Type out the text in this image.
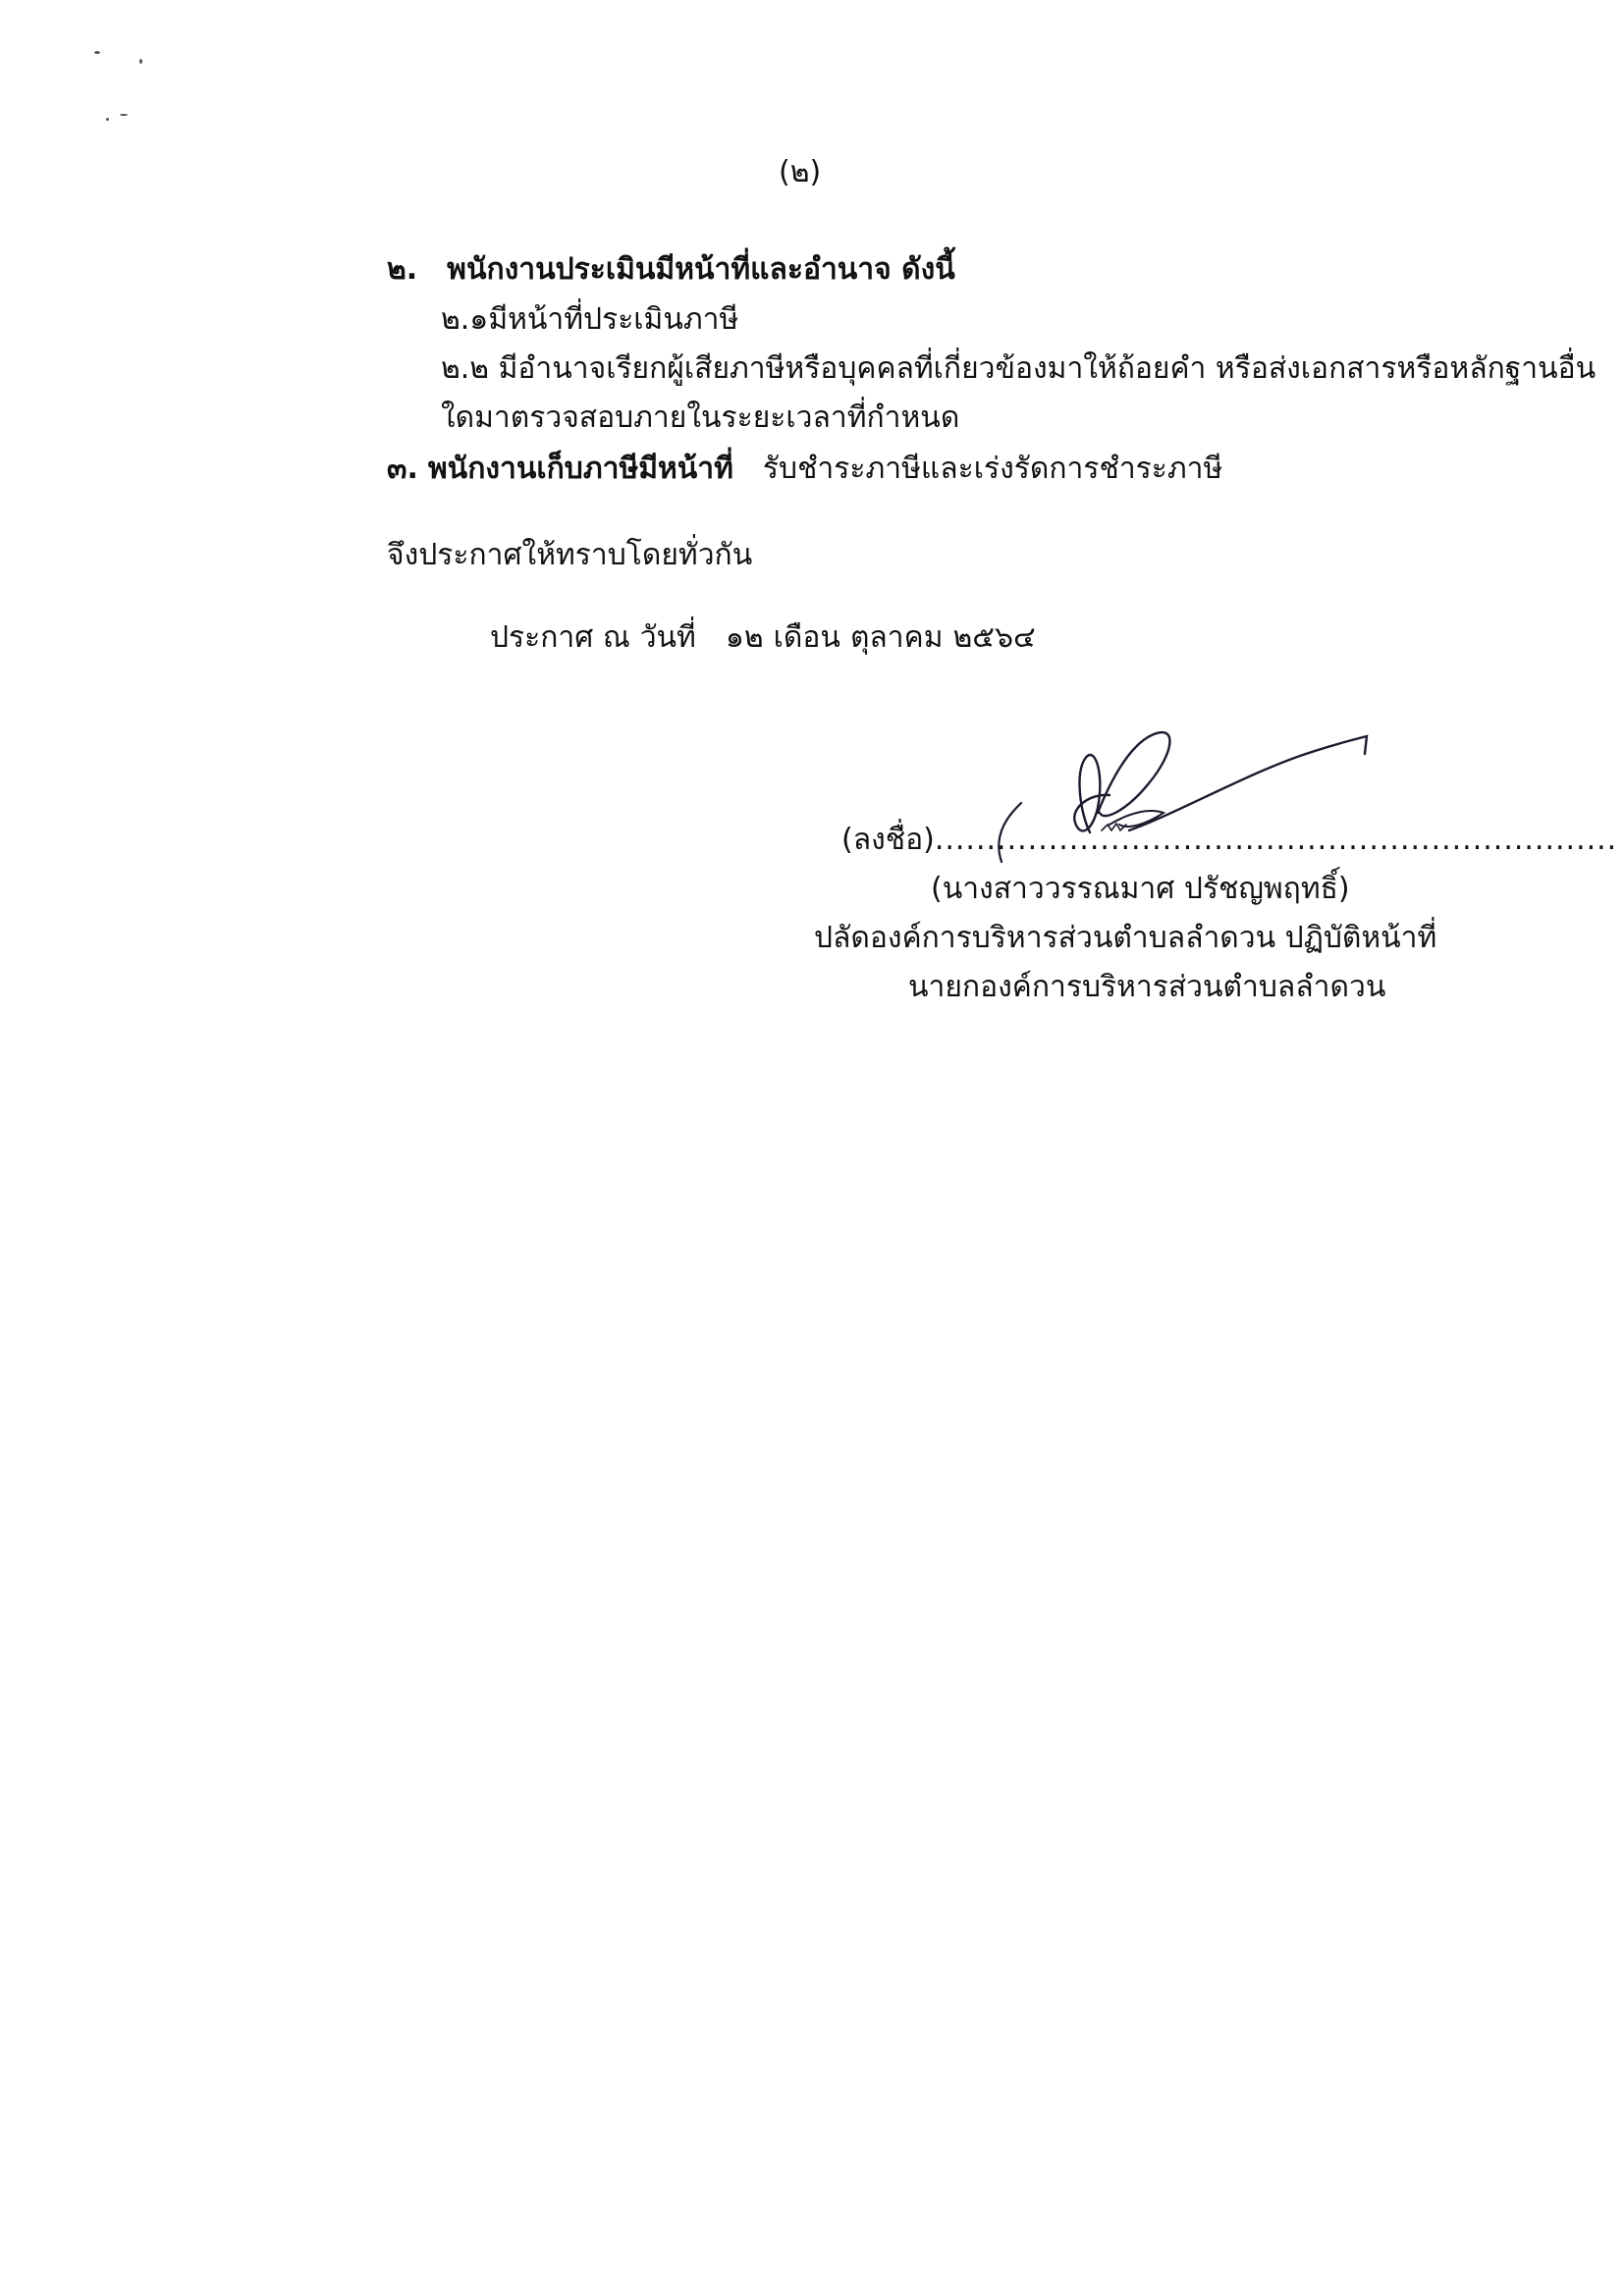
(๒)
๒. พนักงานประเมินมีหน้าที่และอำนาจ ดังนี้
๒.๑มีหน้าที่ประเมินภาษี
๒.๒ มีอำนาจเรียกผู้เสียภาษีหรือบุคคลที่เกี่ยวข้องมาให้ถ้อยคำ หรือส่งเอกสารหรือหลักฐานอื่น
ใดมาตรวจสอบภายในระยะเวลาที่กำหนด
๓. พนักงานเก็บภาษีมีหน้าที่ รับชำระภาษีและเร่งรัดการชำระภาษี
จึงประกาศให้ทราบโดยทั่วกัน
ประกาศ ณ วันที่ ๑๒ เดือน ตุลาคม ๒๕๖๔
(ลงชื่อ)..................................................................
(นางสาววรรณมาศ ปรัชญพฤทธิ์)
ปลัดองค์การบริหารส่วนตำบลลำดวน ปฏิบัติหน้าที่
นายกองค์การบริหารส่วนตำบลลำดวน
